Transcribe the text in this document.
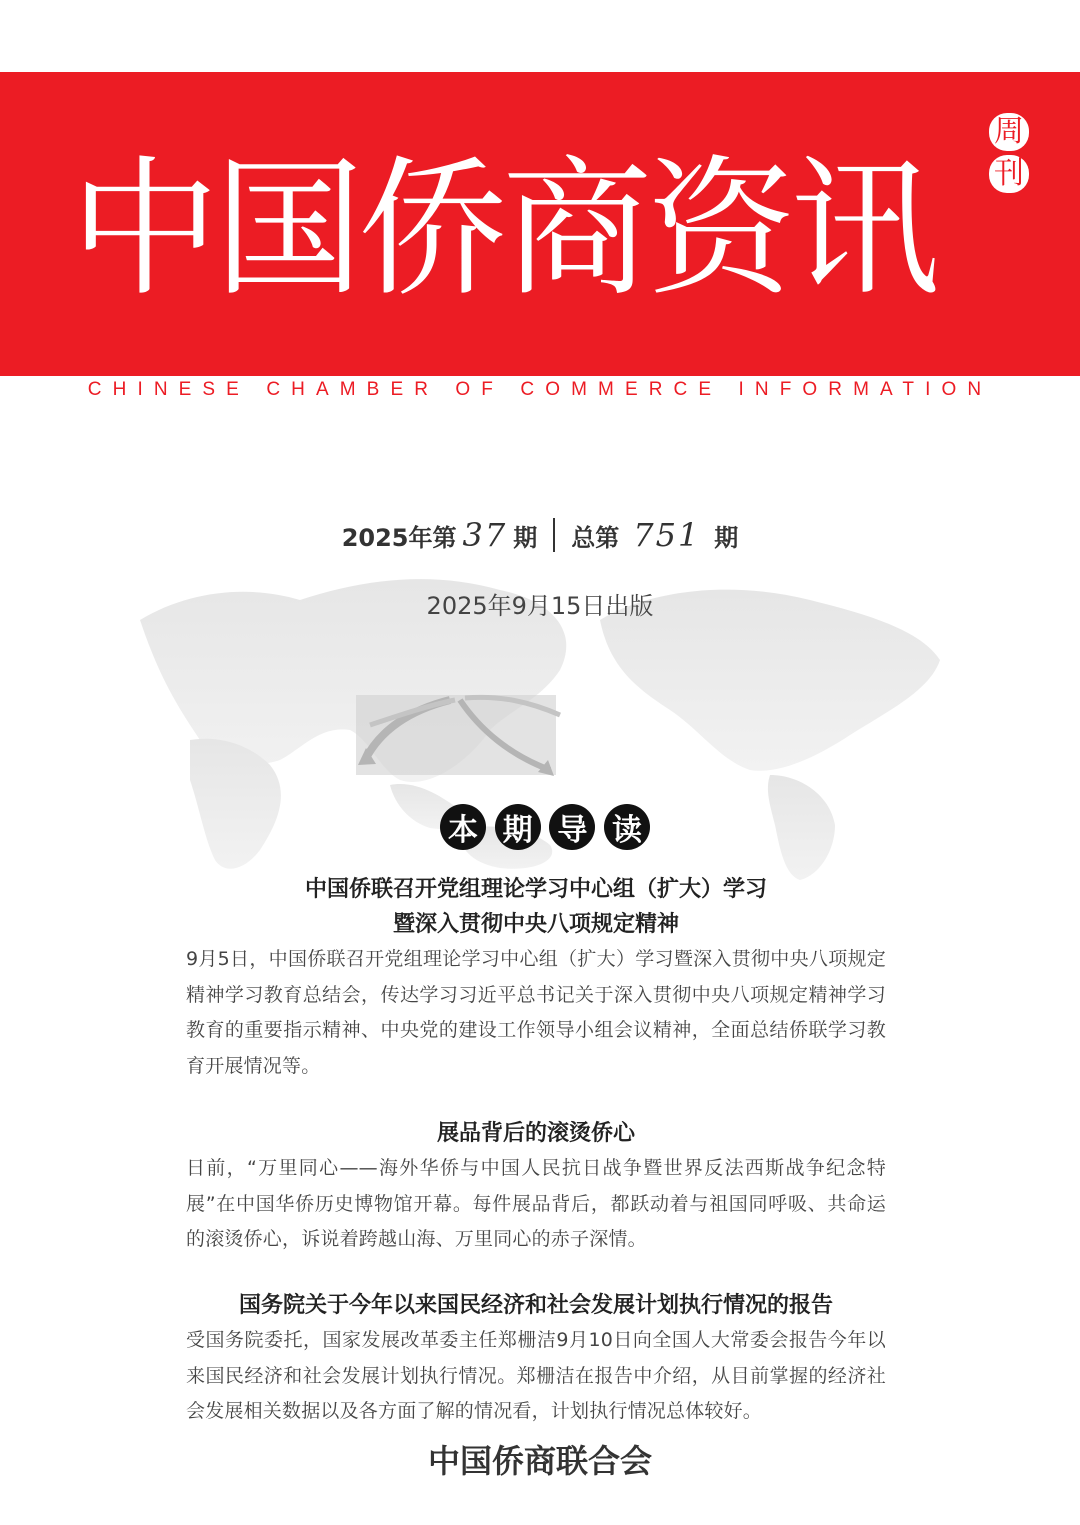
中国侨商资讯
周
刊
CHINESE CHAMBER OF COMMERCE INFORMATION
2025年第 37 期 总第 751 期
2025年9月15日出版
本 期 导 读
中国侨联召开党组理论学习中心组（扩大）学习
暨深入贯彻中央八项规定精神

9月5日，中国侨联召开党组理论学习中心组（扩大）学习暨深入贯彻中央八项规定精神学习教育总结会，传达学习习近平总书记关于深入贯彻中央八项规定精神学习教育的重要指示精神、中央党的建设工作领导小组会议精神，全面总结侨联学习教育开展情况等。

展品背后的滚烫侨心

日前，“万里同心——海外华侨与中国人民抗日战争暨世界反法西斯战争纪念特展”在中国华侨历史博物馆开幕。每件展品背后，都跃动着与祖国同呼吸、共命运的滚烫侨心，诉说着跨越山海、万里同心的赤子深情。

国务院关于今年以来国民经济和社会发展计划执行情况的报告

受国务院委托，国家发展改革委主任郑栅洁9月10日向全国人大常委会报告今年以来国民经济和社会发展计划执行情况。郑栅洁在报告中介绍，从目前掌握的经济社会发展相关数据以及各方面了解的情况看，计划执行情况总体较好。

中国侨商联合会
